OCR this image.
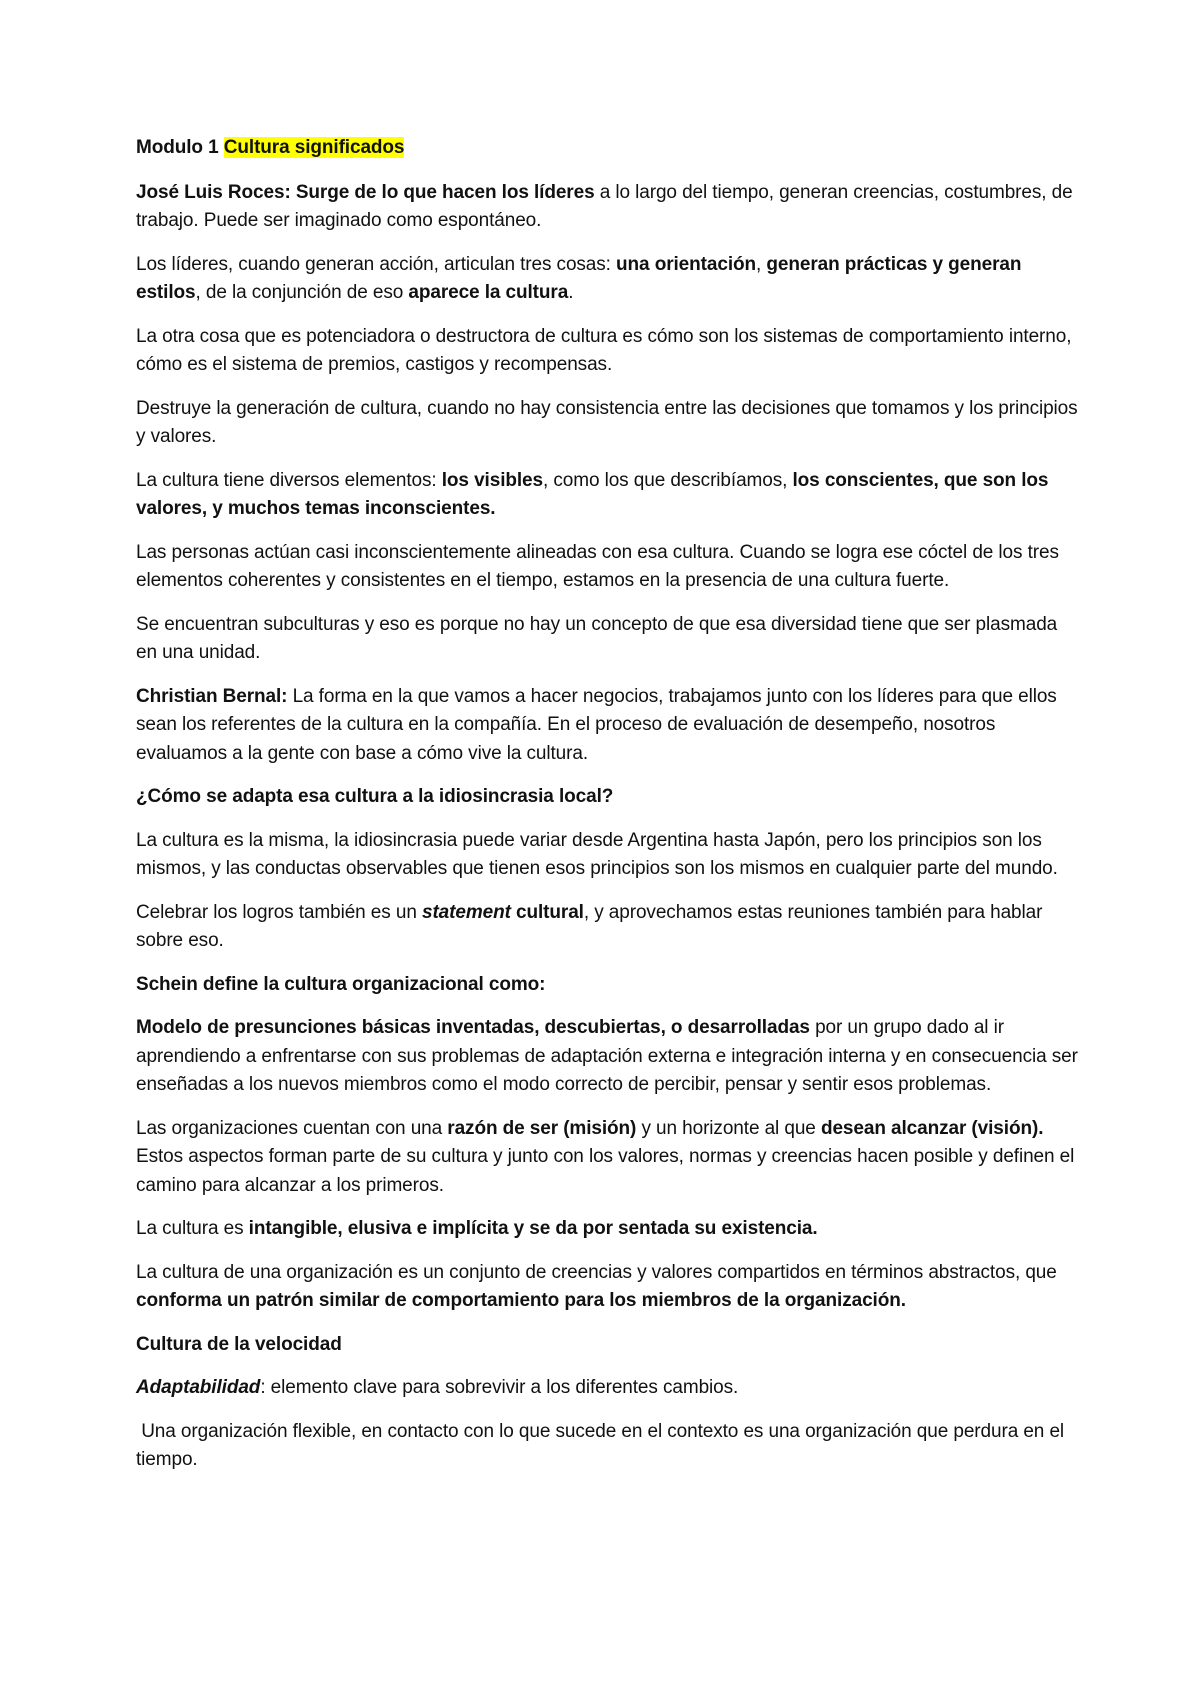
Modulo 1 Cultura significados

José Luis Roces: Surge de lo que hacen los líderes a lo largo del tiempo, generan creencias, costumbres, de trabajo. Puede ser imaginado como espontáneo.

Los líderes, cuando generan acción, articulan tres cosas: una orientación, generan prácticas y generan estilos, de la conjunción de eso aparece la cultura.

La otra cosa que es potenciadora o destructora de cultura es cómo son los sistemas de comportamiento interno, cómo es el sistema de premios, castigos y recompensas.

Destruye la generación de cultura, cuando no hay consistencia entre las decisiones que tomamos y los principios y valores.

La cultura tiene diversos elementos: los visibles, como los que describíamos, los conscientes, que son los valores, y muchos temas inconscientes.

Las personas actúan casi inconscientemente alineadas con esa cultura. Cuando se logra ese cóctel de los tres elementos coherentes y consistentes en el tiempo, estamos en la presencia de una cultura fuerte.

Se encuentran subculturas y eso es porque no hay un concepto de que esa diversidad tiene que ser plasmada en una unidad.

Christian Bernal: La forma en la que vamos a hacer negocios, trabajamos junto con los líderes para que ellos sean los referentes de la cultura en la compañía. En el proceso de evaluación de desempeño, nosotros evaluamos a la gente con base a cómo vive la cultura.

¿Cómo se adapta esa cultura a la idiosincrasia local?

La cultura es la misma, la idiosincrasia puede variar desde Argentina hasta Japón, pero los principios son los mismos, y las conductas observables que tienen esos principios son los mismos en cualquier parte del mundo.

Celebrar los logros también es un statement cultural, y aprovechamos estas reuniones también para hablar sobre eso.

Schein define la cultura organizacional como:

Modelo de presunciones básicas inventadas, descubiertas, o desarrolladas por un grupo dado al ir aprendiendo a enfrentarse con sus problemas de adaptación externa e integración interna y en consecuencia ser enseñadas a los nuevos miembros como el modo correcto de percibir, pensar y sentir esos problemas.

Las organizaciones cuentan con una razón de ser (misión) y un horizonte al que desean alcanzar (visión). Estos aspectos forman parte de su cultura y junto con los valores, normas y creencias hacen posible y definen el camino para alcanzar a los primeros.

La cultura es intangible, elusiva e implícita y se da por sentada su existencia.

La cultura de una organización es un conjunto de creencias y valores compartidos en términos abstractos, que conforma un patrón similar de comportamiento para los miembros de la organización.

Cultura de la velocidad

Adaptabilidad: elemento clave para sobrevivir a los diferentes cambios.

Una organización flexible, en contacto con lo que sucede en el contexto es una organización que perdura en el tiempo.
